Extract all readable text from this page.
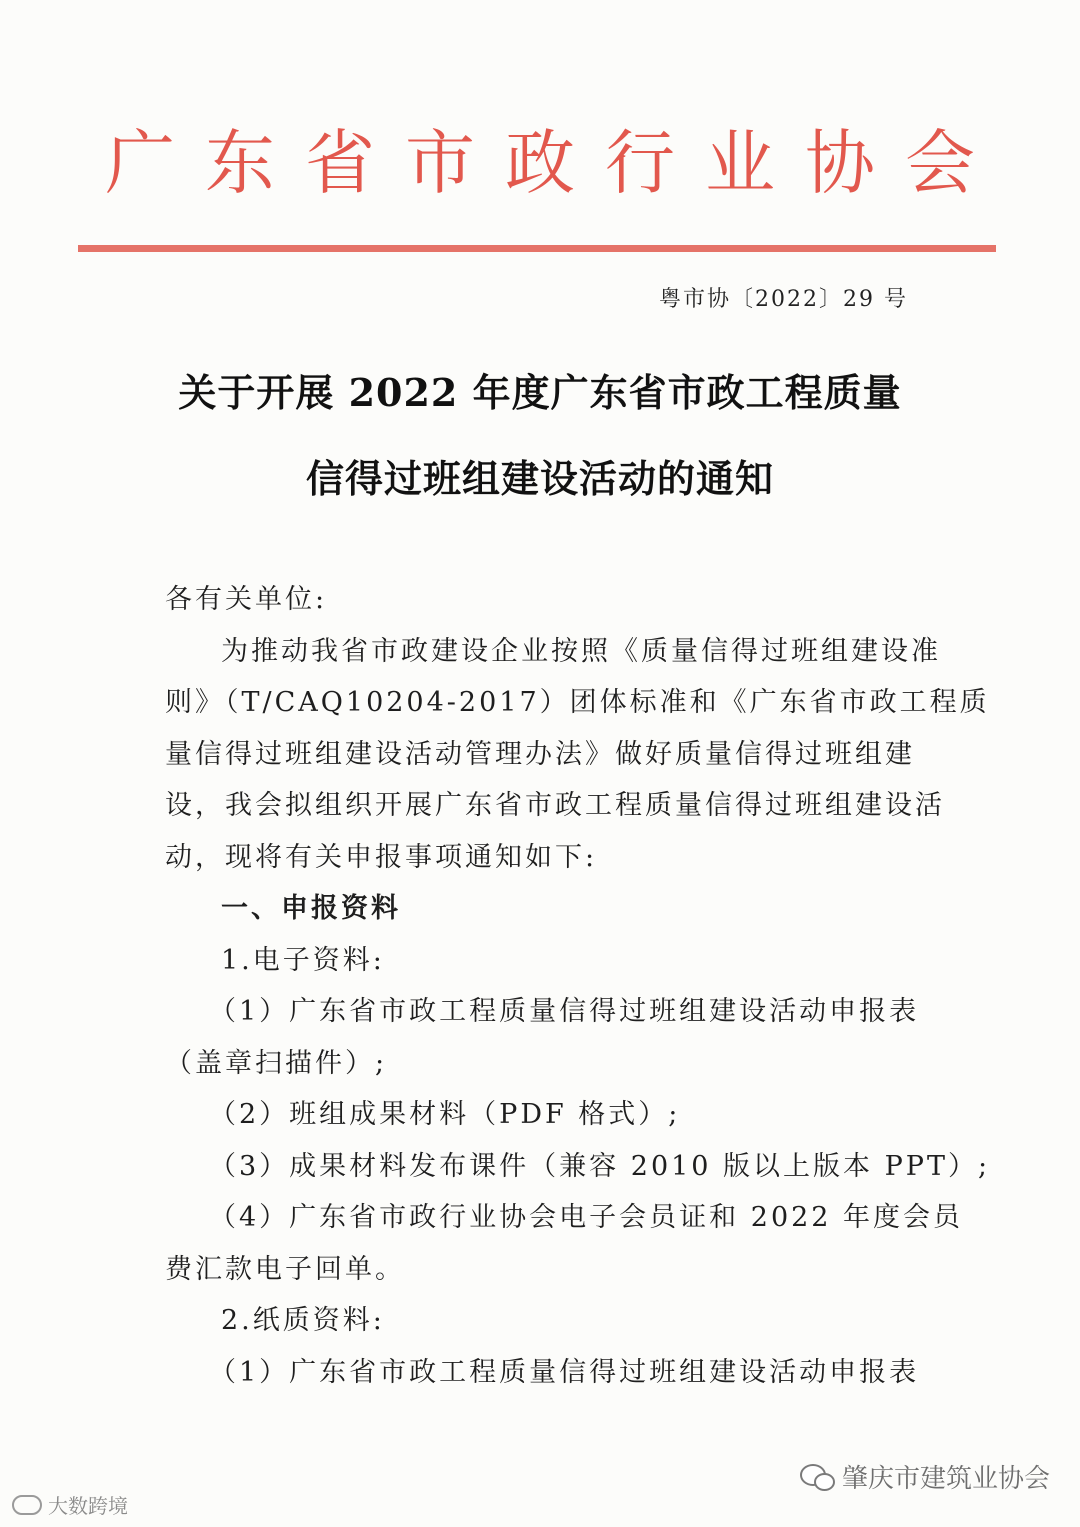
广东省市政行业协会
粤市协〔2022〕29 号
关于开展 2022 年度广东省市政工程质量
信得过班组建设活动的通知
各有关单位:
为推动我省市政建设企业按照《质量信得过班组建设准
则》（T/CAQ10204-2017）团体标准和《广东省市政工程质
量信得过班组建设活动管理办法》做好质量信得过班组建
设，我会拟组织开展广东省市政工程质量信得过班组建设活
动，现将有关申报事项通知如下:
一、申报资料
1.电子资料:
（1）广东省市政工程质量信得过班组建设活动申报表
（盖章扫描件）;
（2）班组成果材料（PDF 格式）;
（3）成果材料发布课件（兼容 2010 版以上版本 PPT）;
（4）广东省市政行业协会电子会员证和 2022 年度会员
费汇款电子回单。
2.纸质资料:
（1）广东省市政工程质量信得过班组建设活动申报表
肇庆市建筑业协会
大数跨境
